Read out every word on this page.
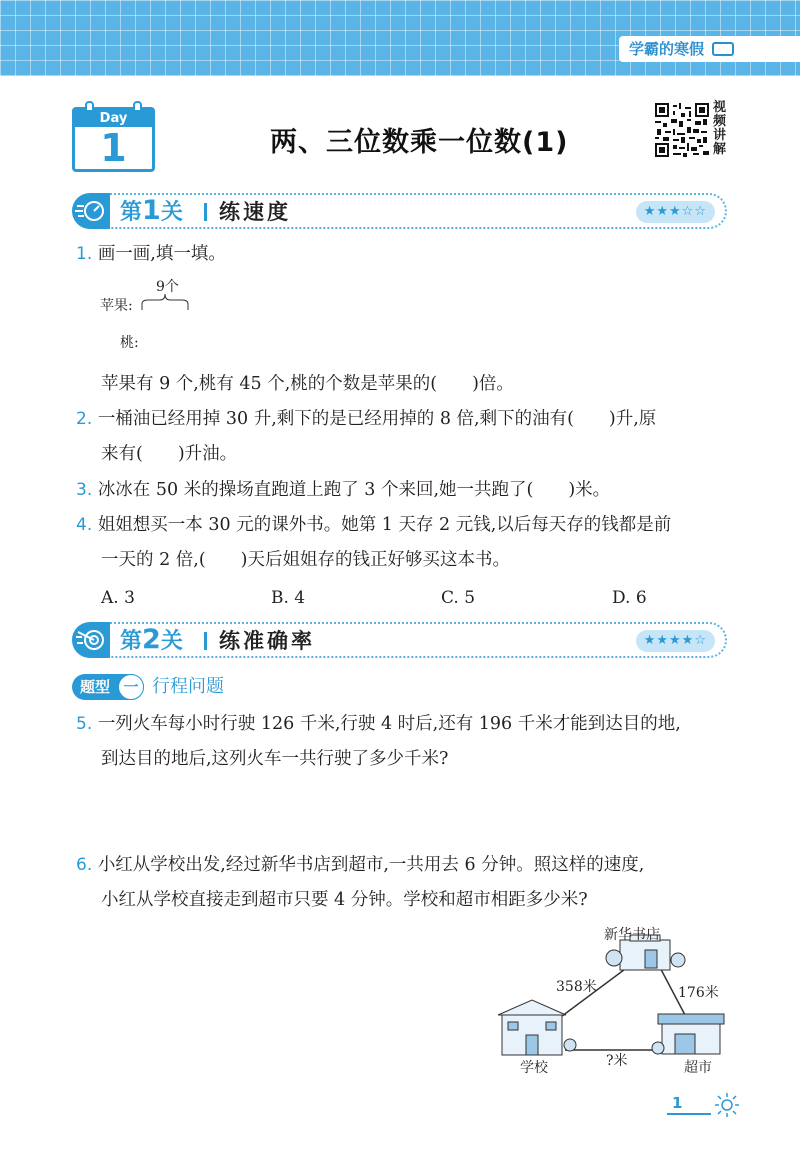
学霸的寒假
Day
1	两、三位数乘一位数(1)
视
频
讲
解
第1关 练速度	★★★☆☆
1. 画一画,填一填。
9个
苹果:
桃:
苹果有 9 个,桃有 45 个,桃的个数是苹果的(　　)倍。
2. 一桶油已经用掉 30 升,剩下的是已经用掉的 8 倍,剩下的油有(　　)升,原
来有(　　)升油。
3. 冰冰在 50 米的操场直跑道上跑了 3 个来回,她一共跑了(　　)米。
4. 姐姐想买一本 30 元的课外书。她第 1 天存 2 元钱,以后每天存的钱都是前
一天的 2 倍,(　　)天后姐姐存的钱正好够买这本书。
A. 3	B. 4	C. 5	D. 6
第2关 练准确率	★★★★☆
题型 一 行程问题
5. 一列火车每小时行驶 126 千米,行驶 4 时后,还有 196 千米才能到达目的地,
到达目的地后,这列火车一共行驶了多少千米?
6. 小红从学校出发,经过新华书店到超市,一共用去 6 分钟。照这样的速度,
小红从学校直接走到超市只要 4 分钟。学校和超市相距多少米?
新华书店
358米	176米
?米
学校	超市
1
